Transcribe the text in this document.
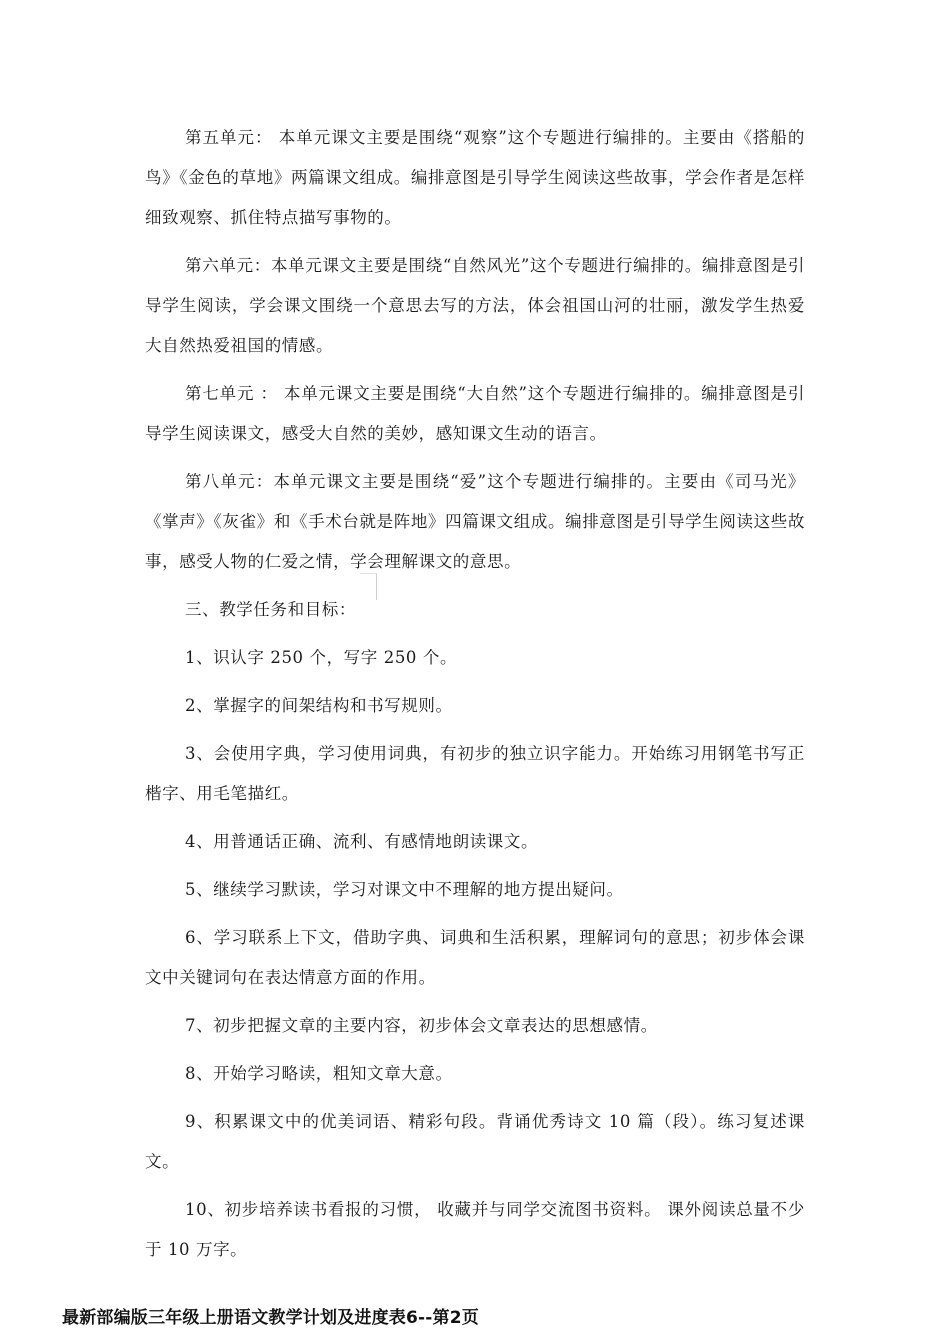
第五单元： 本单元课文主要是围绕“观察”这个专题进行编排的。主要由《搭船的鸟》《金色的草地》两篇课文组成。编排意图是引导学生阅读这些故事，学会作者是怎样细致观察、抓住特点描写事物的。

第六单元：本单元课文主要是围绕“自然风光”这个专题进行编排的。编排意图是引导学生阅读，学会课文围绕一个意思去写的方法，体会祖国山河的壮丽，激发学生热爱大自然热爱祖国的情感。

第七单元 ： 本单元课文主要是围绕“大自然”这个专题进行编排的。编排意图是引导学生阅读课文，感受大自然的美妙，感知课文生动的语言。

第八单元：本单元课文主要是围绕“爱”这个专题进行编排的。主要由《司马光》《掌声》《灰雀》和《手术台就是阵地》四篇课文组成。编排意图是引导学生阅读这些故事，感受人物的仁爱之情，学会理解课文的意思。

三、教学任务和目标：

1、识认字 250 个，写字 250 个。

2、掌握字的间架结构和书写规则。

3、会使用字典，学习使用词典，有初步的独立识字能力。开始练习用钢笔书写正楷字、用毛笔描红。

4、用普通话正确、流利、有感情地朗读课文。

5、继续学习默读，学习对课文中不理解的地方提出疑问。

6、学习联系上下文，借助字典、词典和生活积累，理解词句的意思；初步体会课文中关键词句在表达情意方面的作用。

7、初步把握文章的主要内容，初步体会文章表达的思想感情。

8、开始学习略读，粗知文章大意。

9、积累课文中的优美词语、精彩句段。背诵优秀诗文 10 篇（段）。练习复述课文。

10、初步培养读书看报的习惯， 收藏并与同学交流图书资料。 课外阅读总量不少于 10 万字。

最新部编版三年级上册语文教学计划及进度表6--第2页
